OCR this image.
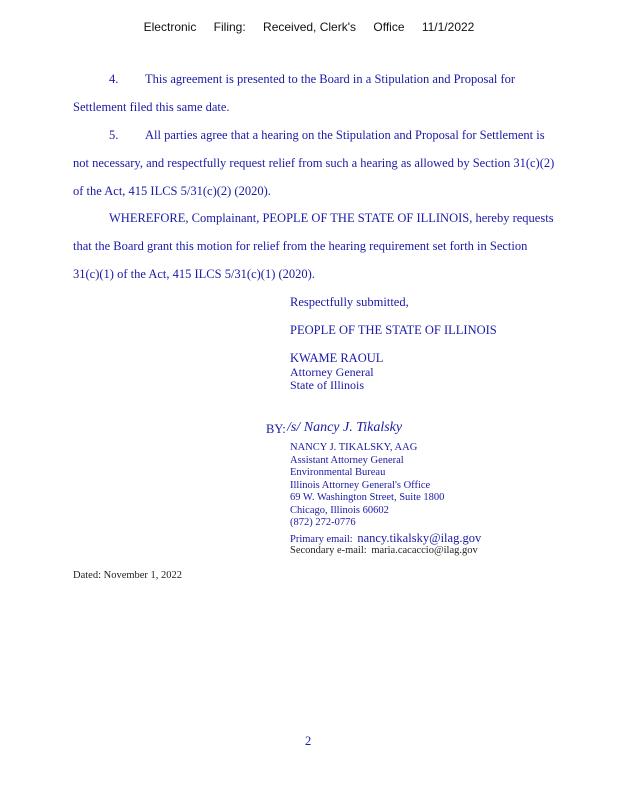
Electronic Filing: Received, Clerk's Office 11/1/2022
4. This agreement is presented to the Board in a Stipulation and Proposal for
Settlement filed this same date.
5. All parties agree that a hearing on the Stipulation and Proposal for Settlement is
not necessary, and respectfully request relief from such a hearing as allowed by Section 31(c)(2)
of the Act, 415 ILCS 5/31(c)(2) (2020).
WHEREFORE, Complainant, PEOPLE OF THE STATE OF ILLINOIS, hereby requests
that the Board grant this motion for relief from the hearing requirement set forth in Section
31(c)(1) of the Act, 415 ILCS 5/31(c)(1) (2020).
Respectfully submitted,
PEOPLE OF THE STATE OF ILLINOIS
KWAME RAOUL
Attorney General
State of Illinois
BY: /s/ Nancy J. Tikalsky
NANCY J. TIKALSKY, AAG
Assistant Attorney General
Environmental Bureau
Illinois Attorney General's Office
69 W. Washington Street, Suite 1800
Chicago, Illinois 60602
(872) 272-0776
Primary email: nancy.tikalsky@ilag.gov
Secondary e-mail: maria.cacaccio@ilag.gov
Dated: November 1, 2022
2
